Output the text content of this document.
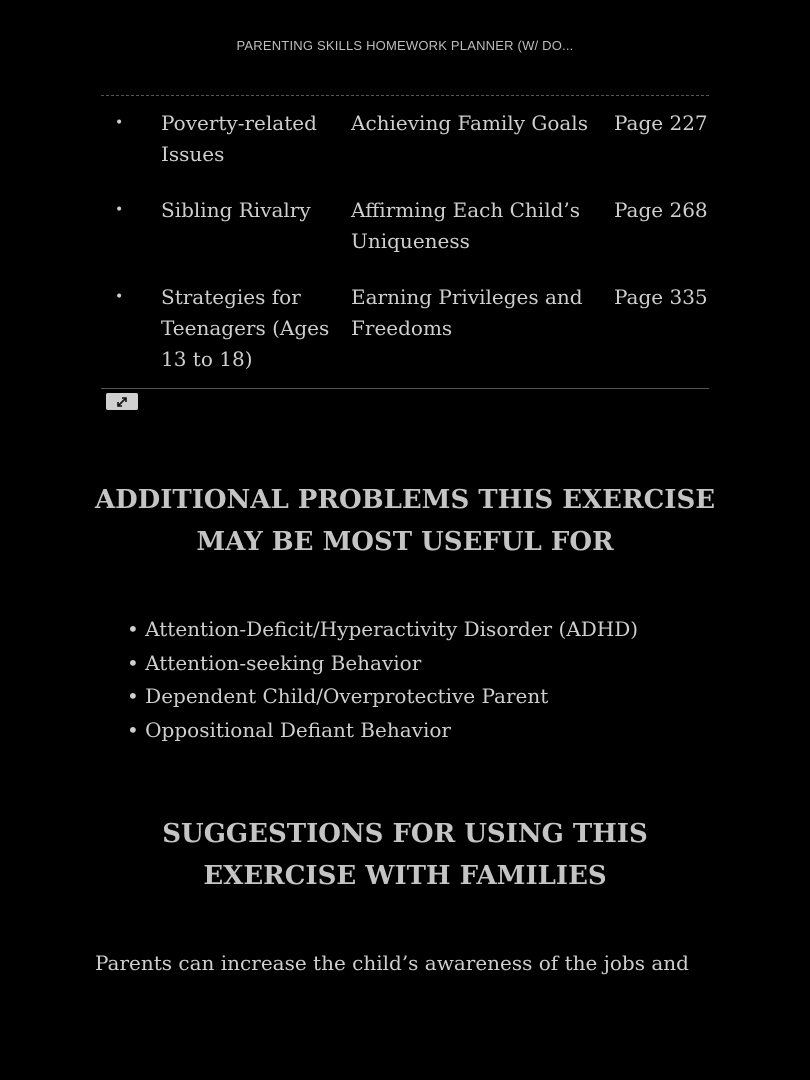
PARENTING SKILLS HOMEWORK PLANNER (W/ DO...
•	Poverty-related Issues	Achieving Family Goals	Page 227
•	Sibling Rivalry	Affirming Each Child’s Uniqueness	Page 268
•	Strategies for Teenagers (Ages 13 to 18)	Earning Privileges and Freedoms	Page 335
ADDITIONAL PROBLEMS THIS EXERCISE
MAY BE MOST USEFUL FOR
• Attention-Deficit/Hyperactivity Disorder (ADHD)
• Attention-seeking Behavior
• Dependent Child/Overprotective Parent
• Oppositional Defiant Behavior
SUGGESTIONS FOR USING THIS
EXERCISE WITH FAMILIES

Parents can increase the child’s awareness of the jobs and
